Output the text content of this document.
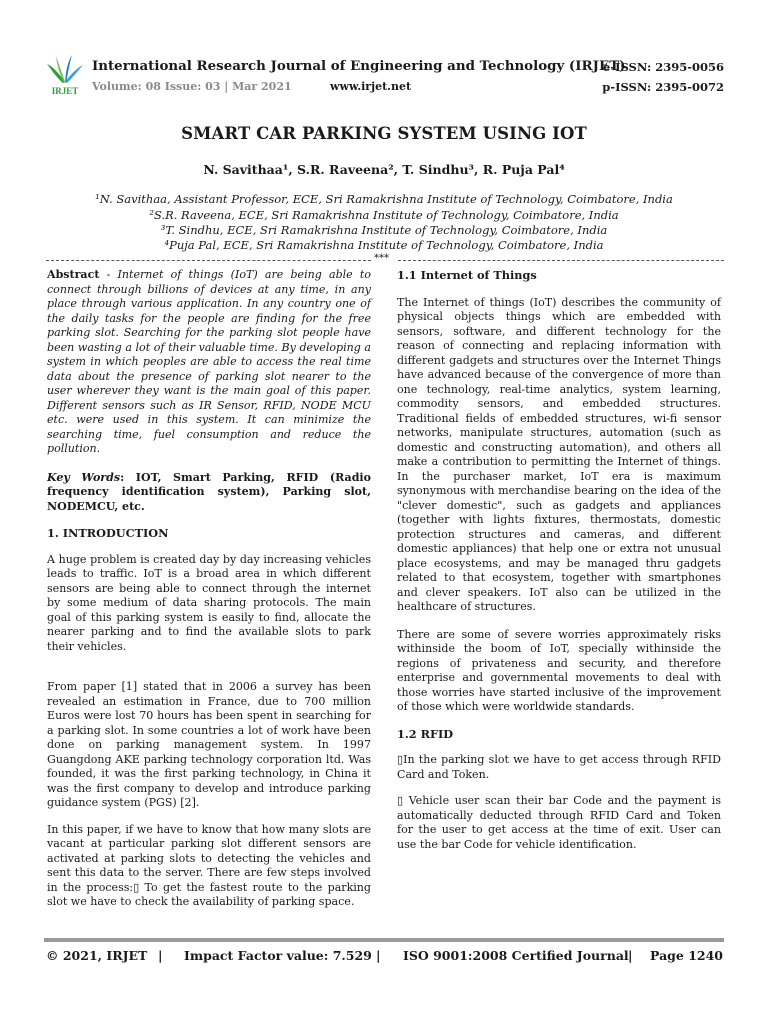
IRJET
International Research Journal of Engineering and Technology (IRJET)
Volume: 08 Issue: 03 | Mar 2021	www.irjet.net
e-ISSN: 2395-0056
p-ISSN: 2395-0072
SMART CAR PARKING SYSTEM USING IOT
N. Savithaa¹, S.R. Raveena², T. Sindhu³, R. Puja Pal⁴
¹N. Savithaa, Assistant Professor, ECE, Sri Ramakrishna Institute of Technology, Coimbatore, India
²S.R. Raveena, ECE, Sri Ramakrishna Institute of Technology, Coimbatore, India
³T. Sindhu, ECE, Sri Ramakrishna Institute of Technology, Coimbatore, India
⁴Puja Pal, ECE, Sri Ramakrishna Institute of Technology, Coimbatore, India
***

Abstract - Internet of things (IoT) are being able to connect through billions of devices at any time, in any place through various application. In any country one of the daily tasks for the people are finding for the free parking slot. Searching for the parking slot people have been wasting a lot of their valuable time. By developing a system in which peoples are able to access the real time data about the presence of parking slot nearer to the user wherever they want is the main goal of this paper. Different sensors such as IR Sensor, RFID, NODE MCU etc. were used in this system. It can minimize the searching time, fuel consumption and reduce the pollution.

Key Words: IOT, Smart Parking, RFID (Radio frequency identification system), Parking slot, NODEMCU, etc.

1. INTRODUCTION

A huge problem is created day by day increasing vehicles leads to traffic. IoT is a broad area in which different sensors are being able to connect through the internet by some medium of data sharing protocols. The main goal of this parking system is easily to find, allocate the nearer parking and to find the available slots to park their vehicles.

From paper [1] stated that in 2006 a survey has been revealed an estimation in France, due to 700 million Euros were lost 70 hours has been spent in searching for a parking slot. In some countries a lot of work have been done on parking management system. In 1997 Guangdong AKE parking technology corporation ltd. Was founded, it was the first parking technology, in China it was the first company to develop and introduce parking guidance system (PGS) [2].

In this paper, if we have to know that how many slots are vacant at particular parking slot different sensors are activated at parking slots to detecting the vehicles and sent this data to the server. There are few steps involved in the process:▯ To get the fastest route to the parking slot we have to check the availability of parking space.

1.1 Internet of Things

The Internet of things (IoT) describes the community of physical objects things which are embedded with sensors, software, and different technology for the reason of connecting and replacing information with different gadgets and structures over the Internet Things have advanced because of the convergence of more than one technology, real-time analytics, system learning, commodity sensors, and embedded structures. Traditional fields of embedded structures, wi-fi sensor networks, manipulate structures, automation (such as domestic and constructing automation), and others all make a contribution to permitting the Internet of things. In the purchaser market, IoT era is maximum synonymous with merchandise bearing on the idea of the "clever domestic", such as gadgets and appliances (together with lights fixtures, thermostats, domestic protection structures and cameras, and different domestic appliances) that help one or extra not unusual place ecosystems, and may be managed thru gadgets related to that ecosystem, together with smartphones and clever speakers. IoT also can be utilized in the healthcare of structures.

There are some of severe worries approximately risks withinside the boom of IoT, specially withinside the regions of privateness and security, and therefore enterprise and governmental movements to deal with those worries have started inclusive of the improvement of those which were worldwide standards.

1.2 RFID

▯In the parking slot we have to get access through RFID Card and Token.

▯ Vehicle user scan their bar Code and the payment is automatically deducted through RFID Card and Token for the user to get access at the time of exit. User can use the bar Code for vehicle identification.

© 2021, IRJET | Impact Factor value: 7.529 | ISO 9001:2008 Certified Journal | Page 1240
